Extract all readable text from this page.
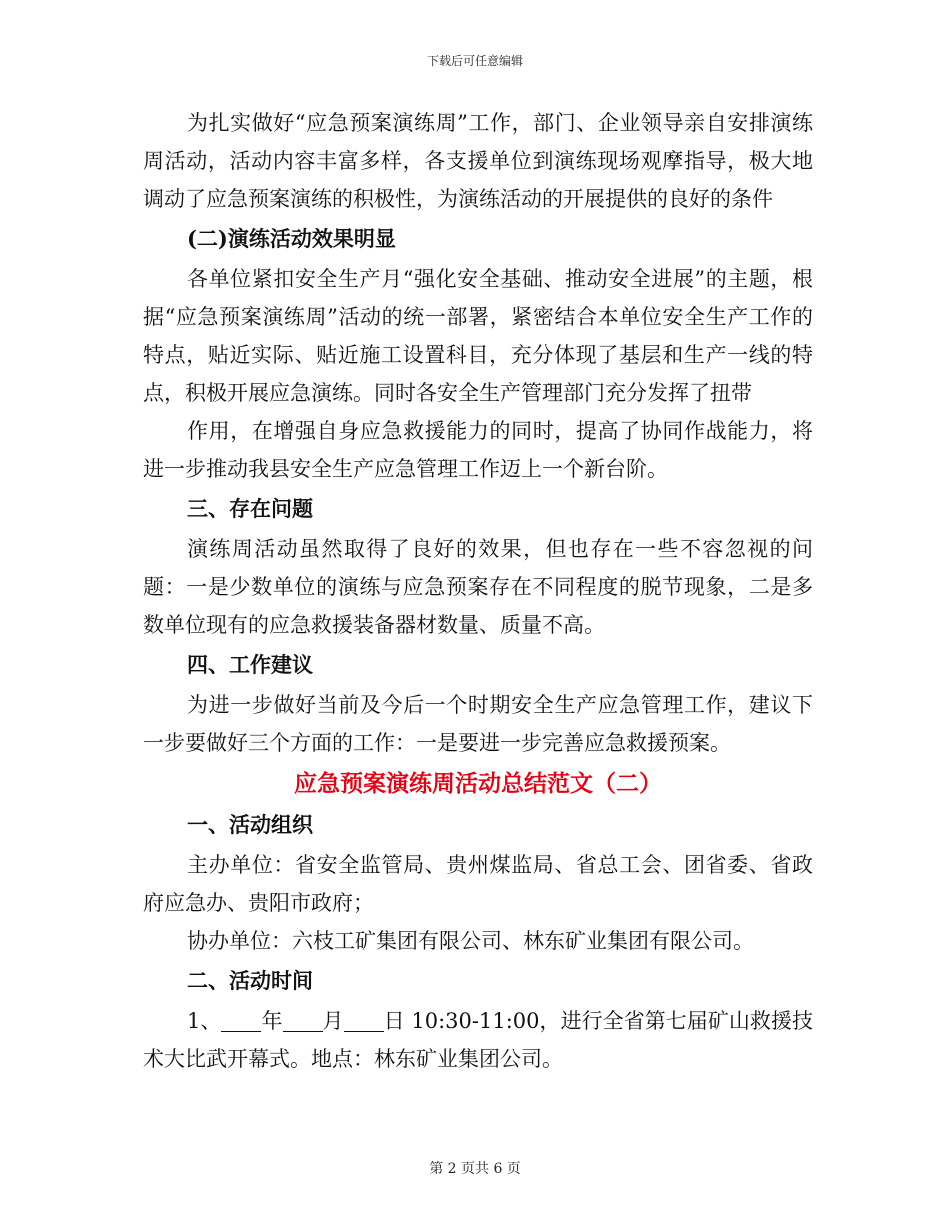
下载后可任意编辑

为扎实做好“应急预案演练周”工作，部门、企业领导亲自安排演练周活动，活动内容丰富多样，各支援单位到演练现场观摩指导，极大地调动了应急预案演练的积极性，为演练活动的开展提供的良好的条件

(二)演练活动效果明显

各单位紧扣安全生产月“强化安全基础、推动安全进展”的主题，根据“应急预案演练周”活动的统一部署，紧密结合本单位安全生产工作的特点，贴近实际、贴近施工设置科目，充分体现了基层和生产一线的特点，积极开展应急演练。同时各安全生产管理部门充分发挥了扭带

作用，在增强自身应急救援能力的同时，提高了协同作战能力，将进一步推动我县安全生产应急管理工作迈上一个新台阶。

三、存在问题

演练周活动虽然取得了良好的效果，但也存在一些不容忽视的问题：一是少数单位的演练与应急预案存在不同程度的脱节现象，二是多数单位现有的应急救援装备器材数量、质量不高。

四、工作建议

为进一步做好当前及今后一个时期安全生产应急管理工作，建议下一步要做好三个方面的工作：一是要进一步完善应急救援预案。

应急预案演练周活动总结范文（二）
一、活动组织

主办单位：省安全监管局、贵州煤监局、省总工会、团省委、省政府应急办、贵阳市政府；

协办单位：六枝工矿集团有限公司、林东矿业集团有限公司。

二、活动时间

1、 年 月 日 10:30-11:00，进行全省第七届矿山救援技术大比武开幕式。地点：林东矿业集团公司。

第 2 页共 6 页
